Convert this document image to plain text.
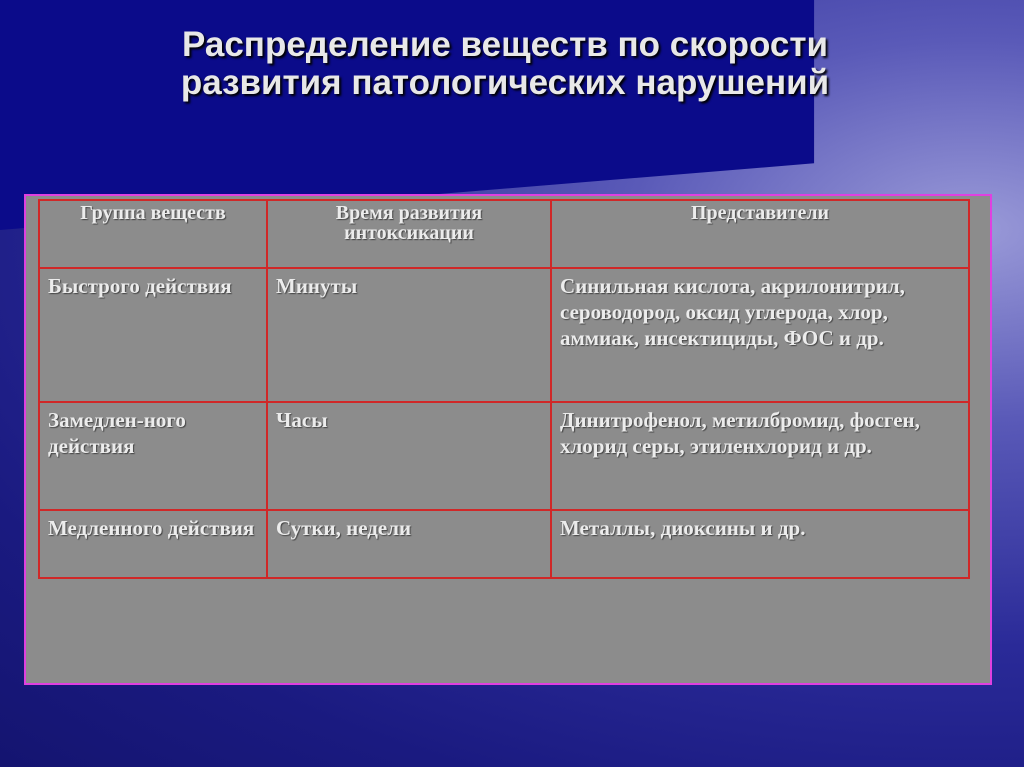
Распределение веществ по скорости
развития патологических нарушений
Группа веществ	Время развития интоксикации	Представители
Быстрого действия	Минуты	Синильная кислота, акрилонитрил, сероводород, оксид углерода, хлор, аммиак, инсектициды, ФОС и др.
Замедлен-ного действия	Часы	Динитрофенол, метилбромид, фосген, хлорид серы, этиленхлорид и др.
Медленного действия	Сутки, недели	Металлы, диоксины и др.
